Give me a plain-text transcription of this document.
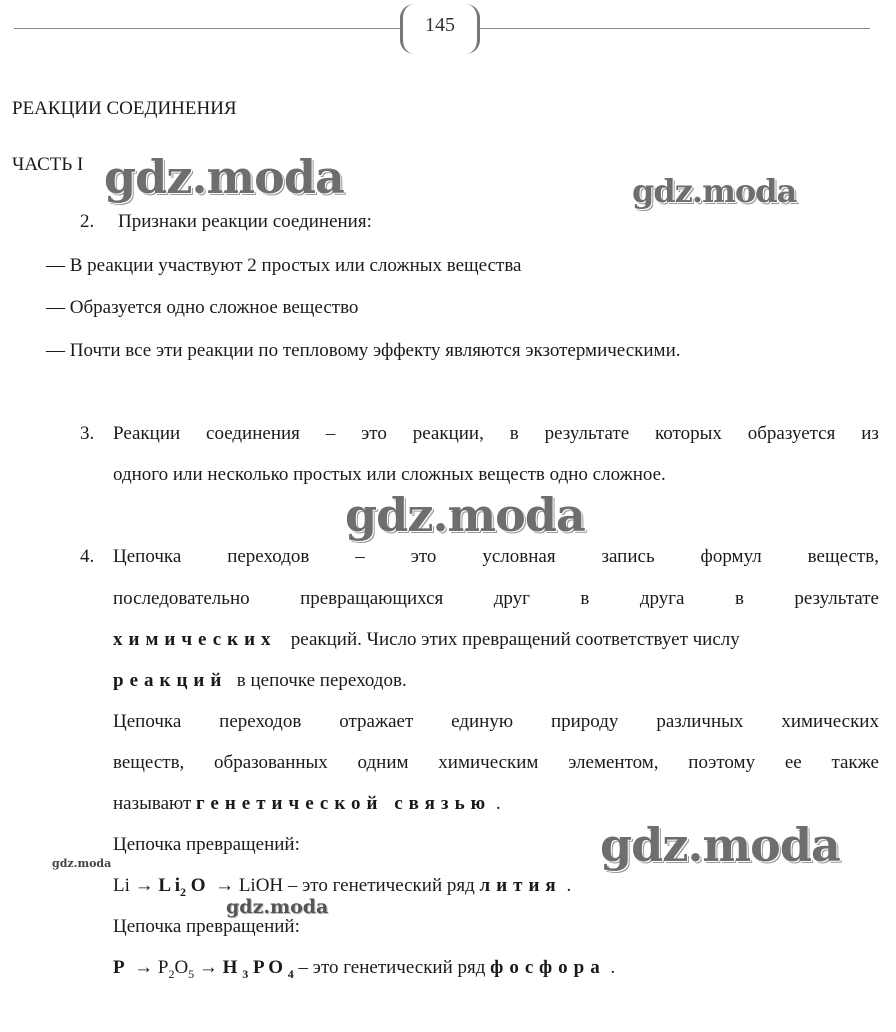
145
РЕАКЦИИ СОЕДИНЕНИЯ
ЧАСТЬ I
2. Признаки реакции соединения:
— В реакции участвуют 2 простых или сложных вещества
— Образуется одно сложное вещество
— Почти все эти реакции по тепловому эффекту являются экзотермическими.
3. Реакции соединения – это реакции, в результате которых образуется из
одного или несколько простых или сложных веществ одно сложное.
4. Цепочка переходов – это условная запись формул веществ,
последовательно	превращающихся	друг	в	друга	в	результате
химических реакций. Число этих превращений соответствует числу
реакций в цепочке переходов.
Цепочка переходов отражает единую природу различных химических
веществ, образованных одним химическим элементом, поэтому ее также
называют генетической связью .
Цепочка превращений:
Li → L $i_2$ O → LiOH – это генетический ряд лития .
Цепочка превращений:
$P \to P_2O_5 \to H$ $_3$ P O $_4$ – это генетический ряд фосфора .
gdz.moda	gdz.moda
gdz.moda
gdz.moda
gdz.moda
gdz.moda
